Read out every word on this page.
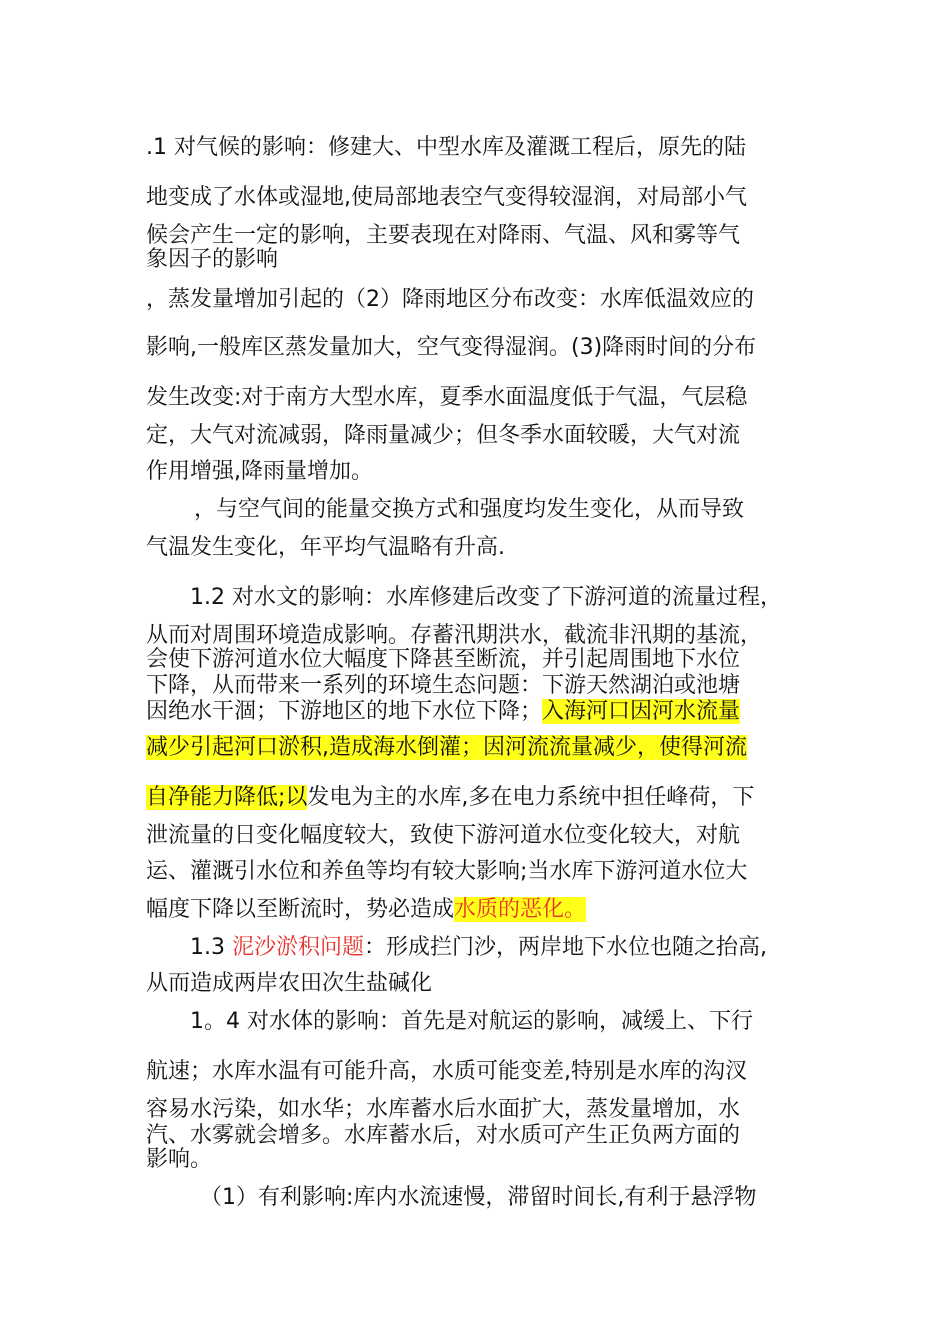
.1 对气候的影响：修建大、中型水库及灌溉工程后，原先的陆
地变成了水体或湿地,使局部地表空气变得较湿润，对局部小气
候会产生一定的影响，主要表现在对降雨、气温、风和雾等气
象因子的影响
，蒸发量增加引起的（2）降雨地区分布改变：水库低温效应的
影响,一般库区蒸发量加大，空气变得湿润。(3)降雨时间的分布
发生改变:对于南方大型水库，夏季水面温度低于气温，气层稳
定，大气对流减弱，降雨量减少；但冬季水面较暖，大气对流
作用增强,降雨量增加。
，与空气间的能量交换方式和强度均发生变化，从而导致
气温发生变化，年平均气温略有升高.
1.2 对水文的影响：水库修建后改变了下游河道的流量过程，
从而对周围环境造成影响。存蓄汛期洪水，截流非汛期的基流，
会使下游河道水位大幅度下降甚至断流，并引起周围地下水位
下降，从而带来一系列的环境生态问题：下游天然湖泊或池塘
因绝水干涸；下游地区的地下水位下降；入海河口因河水流量
减少引起河口淤积,造成海水倒灌；因河流流量减少，使得河流
自净能力降低;以发电为主的水库,多在电力系统中担任峰荷，下
泄流量的日变化幅度较大，致使下游河道水位变化较大，对航
运、灌溉引水位和养鱼等均有较大影响;当水库下游河道水位大
幅度下降以至断流时，势必造成水质的恶化。
1.3 泥沙淤积问题：形成拦门沙，两岸地下水位也随之抬高,
从而造成两岸农田次生盐碱化
1。4 对水体的影响：首先是对航运的影响，减缓上、下行
航速；水库水温有可能升高，水质可能变差,特别是水库的沟汊
容易水污染，如水华；水库蓄水后水面扩大，蒸发量增加，水
汽、水雾就会增多。水库蓄水后，对水质可产生正负两方面的
影响。
（1）有利影响:库内水流速慢，滞留时间长,有利于悬浮物
